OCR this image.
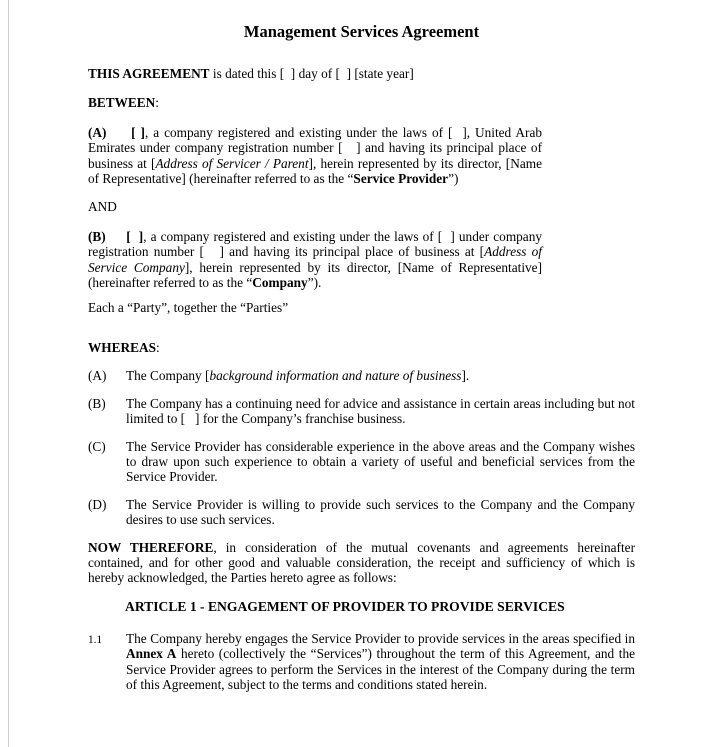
Management Services Agreement

THIS AGREEMENT is dated this [  ] day of [  ] [state year]

BETWEEN:

(A) [ ], a company registered and existing under the laws of [  ], United Arab Emirates under company registration number [   ] and having its principal place of business at [Address of Servicer / Parent], herein represented by its director, [Name of Representative] (hereinafter referred to as the “Service Provider”)

AND

(B) [  ], a company registered and existing under the laws of [  ] under company registration number [   ] and having its principal place of business at [Address of Service Company], herein represented by its director, [Name of Representative](hereinafter referred to as the “Company”).

Each a “Party”, together the “Parties”

WHEREAS:

(A)	The Company [background information and nature of business].
(B)	The Company has a continuing need for advice and assistance in certain areas including but not limited to [   ] for the Company’s franchise business.
(C)	The Service Provider has considerable experience in the above areas and the Company wishes to draw upon such experience to obtain a variety of useful and beneficial services from the Service Provider.
(D)	The Service Provider is willing to provide such services to the Company and the Company desires to use such services.

NOW THEREFORE, in consideration of the mutual covenants and agreements hereinafter contained, and for other good and valuable consideration, the receipt and sufficiency of which is hereby acknowledged, the Parties hereto agree as follows:

ARTICLE 1 - ENGAGEMENT OF PROVIDER TO PROVIDE SERVICES

1.1	The Company hereby engages the Service Provider to provide services in the areas specified in Annex A hereto (collectively the “Services”) throughout the term of this Agreement, and the Service Provider agrees to perform the Services in the interest of the Company during the term of this Agreement, subject to the terms and conditions stated herein.
